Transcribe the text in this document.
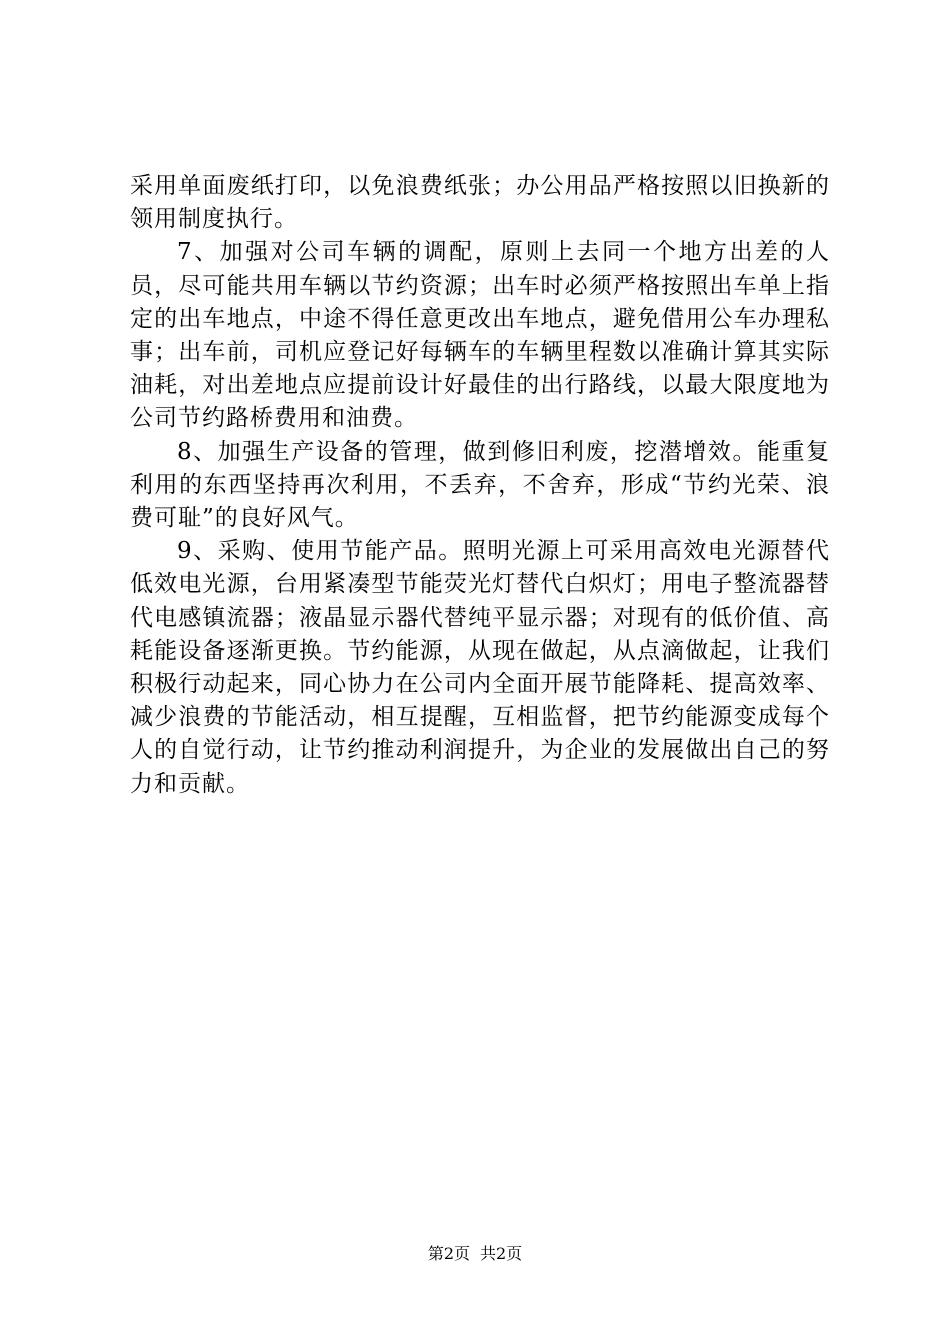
采用单面废纸打印，以免浪费纸张；办公用品严格按照以旧换新的领用制度执行。

7、加强对公司车辆的调配，原则上去同一个地方出差的人员，尽可能共用车辆以节约资源；出车时必须严格按照出车单上指定的出车地点，中途不得任意更改出车地点，避免借用公车办理私事；出车前，司机应登记好每辆车的车辆里程数以准确计算其实际油耗，对出差地点应提前设计好最佳的出行路线，以最大限度地为公司节约路桥费用和油费。

8、加强生产设备的管理，做到修旧利废，挖潜增效。能重复利用的东西坚持再次利用，不丢弃，不舍弃，形成“节约光荣、浪费可耻”的良好风气。

9、采购、使用节能产品。照明光源上可采用高效电光源替代低效电光源，台用紧凑型节能荧光灯替代白炽灯；用电子整流器替代电感镇流器；液晶显示器代替纯平显示器；对现有的低价值、高耗能设备逐渐更换。节约能源，从现在做起，从点滴做起，让我们积极行动起来，同心协力在公司内全面开展节能降耗、提高效率、减少浪费的节能活动，相互提醒，互相监督，把节约能源变成每个人的自觉行动，让节约推动利润提升，为企业的发展做出自己的努力和贡献。

第2页 共2页
